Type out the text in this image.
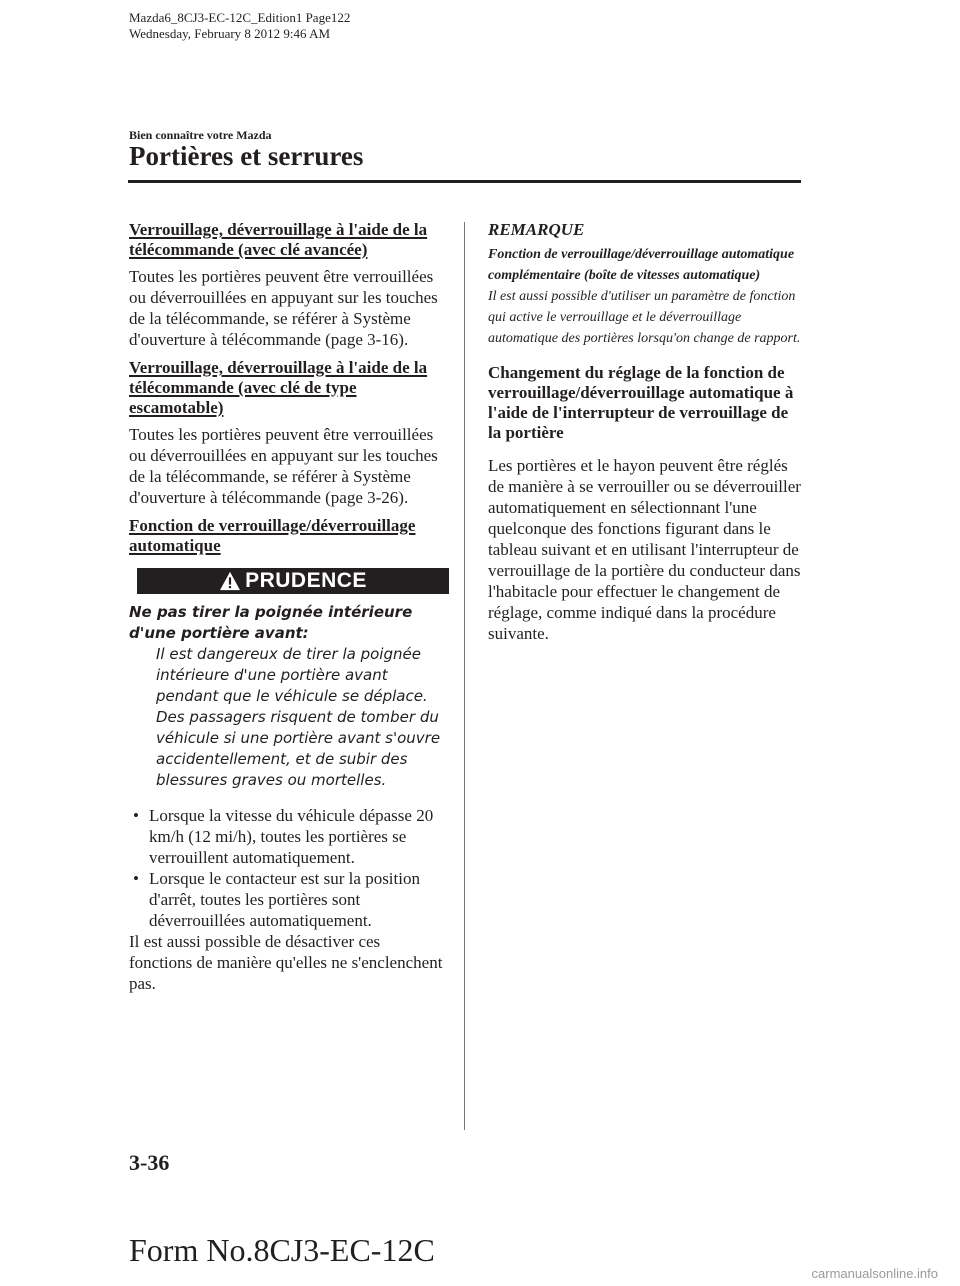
Mazda6_8CJ3-EC-12C_Edition1 Page122
Wednesday, February 8 2012 9:46 AM
Bien connaître votre Mazda
Portières et serrures

Verrouillage, déverrouillage à l'aide de la télécommande (avec clé avancée)

Toutes les portières peuvent être verrouillées ou déverrouillées en appuyant sur les touches de la télécommande, se référer à Système d'ouverture à télécommande (page 3-16).

Verrouillage, déverrouillage à l'aide de la télécommande (avec clé de type escamotable)

Toutes les portières peuvent être verrouillées ou déverrouillées en appuyant sur les touches de la télécommande, se référer à Système d'ouverture à télécommande (page 3-26).

Fonction de verrouillage/déverrouillage automatique

PRUDENCE

Ne pas tirer la poignée intérieure d'une portière avant:

Il est dangereux de tirer la poignée intérieure d'une portière avant pendant que le véhicule se déplace. Des passagers risquent de tomber du véhicule si une portière avant s'ouvre accidentellement, et de subir des blessures graves ou mortelles.

• Lorsque la vitesse du véhicule dépasse 20 km/h (12 mi/h), toutes les portières se verrouillent automatiquement.
• Lorsque le contacteur est sur la position d'arrêt, toutes les portières sont déverrouillées automatiquement.

Il est aussi possible de désactiver ces fonctions de manière qu'elles ne s'enclenchent pas.

REMARQUE

Fonction de verrouillage/déverrouillage automatique complémentaire (boîte de vitesses automatique)

Il est aussi possible d'utiliser un paramètre de fonction qui active le verrouillage et le déverrouillage automatique des portières lorsqu'on change de rapport.

Changement du réglage de la fonction de verrouillage/déverrouillage automatique à l'aide de l'interrupteur de verrouillage de la portière

Les portières et le hayon peuvent être réglés de manière à se verrouiller ou se déverrouiller automatiquement en sélectionnant l'une quelconque des fonctions figurant dans le tableau suivant et en utilisant l'interrupteur de verrouillage de la portière du conducteur dans l'habitacle pour effectuer le changement de réglage, comme indiqué dans la procédure suivante.

3-36
Form No.8CJ3-EC-12C
carmanualsonline.info
